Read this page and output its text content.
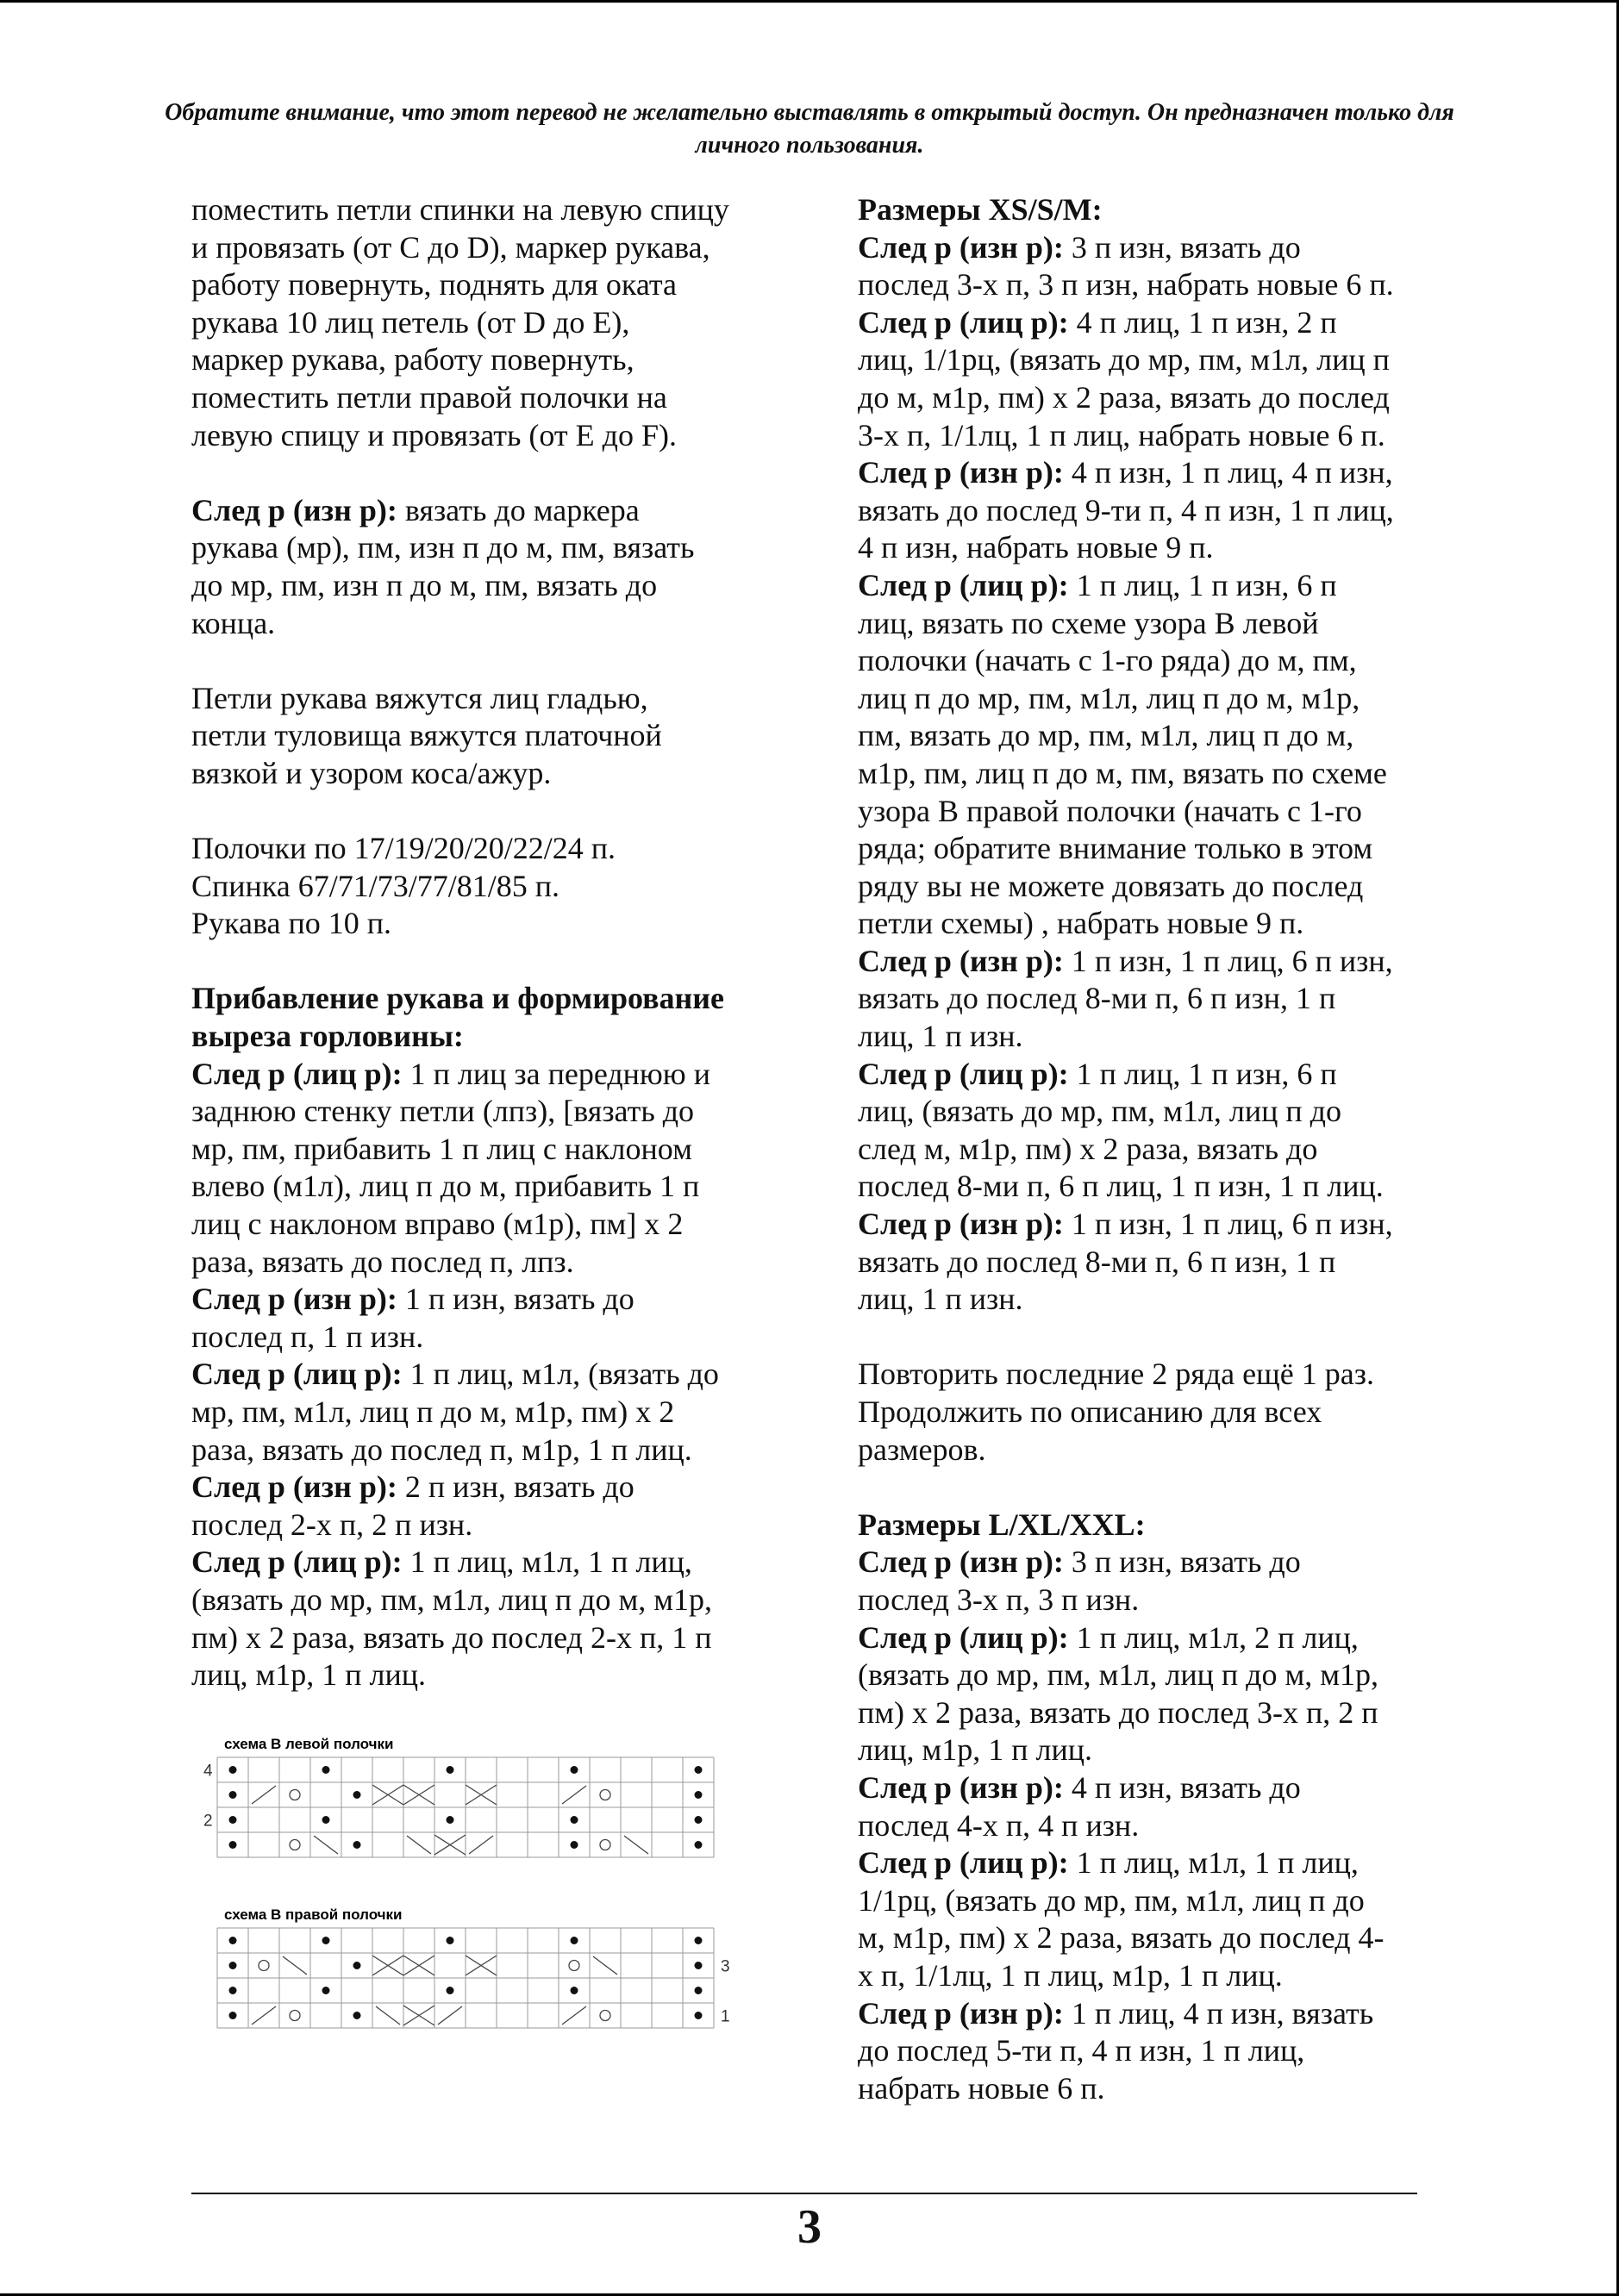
Обратите внимание, что этот перевод не желательно выставлять в открытый доступ. Он предназначен только для личного пользования.

поместить петли спинки на левую спицу
и провязать (от C до D), маркер рукава,
работу повернуть, поднять для оката
рукава 10 лиц петель (от D до E),
маркер рукава, работу повернуть,
поместить петли правой полочки на
левую спицу и провязать (от E до F).

След р (изн р): вязать до маркера
рукава (мр), пм, изн п до м, пм, вязать
до мр, пм, изн п до м, пм, вязать до
конца.

Петли рукава вяжутся лиц гладью,
петли туловища вяжутся платочной
вязкой и узором коса/ажур.

Полочки по 17/19/20/20/22/24 п.
Спинка 67/71/73/77/81/85 п.
Рукава по 10 п.

Прибавление рукава и формирование
выреза горловины:

След р (лиц р): 1 п лиц за переднюю и
заднюю стенку петли (лпз), [вязать до
мр, пм, прибавить 1 п лиц с наклоном
влево (м1л), лиц п до м, прибавить 1 п
лиц с наклоном вправо (м1р), пм] х 2
раза, вязать до послед п, лпз.

След р (изн р): 1 п изн, вязать до
послед п, 1 п изн.

След р (лиц р): 1 п лиц, м1л, (вязать до
мр, пм, м1л, лиц п до м, м1р, пм) х 2
раза, вязать до послед п, м1р, 1 п лиц.

След р (изн р): 2 п изн, вязать до
послед 2-х п, 2 п изн.

След р (лиц р): 1 п лиц, м1л, 1 п лиц,
(вязать до мр, пм, м1л, лиц п до м, м1р,
пм) х 2 раза, вязать до послед 2-х п, 1 п
лиц, м1р, 1 п лиц.

Размеры XS/S/M:

След р (изн р): 3 п изн, вязать до
послед 3-х п, 3 п изн, набрать новые 6 п.

След р (лиц р): 4 п лиц, 1 п изн, 2 п
лиц, 1/1рц, (вязать до мр, пм, м1л, лиц п
до м, м1р, пм) х 2 раза, вязать до послед
3-х п, 1/1лц, 1 п лиц, набрать новые 6 п.

След р (изн р): 4 п изн, 1 п лиц, 4 п изн,
вязать до послед 9-ти п, 4 п изн, 1 п лиц,
4 п изн, набрать новые 9 п.

След р (лиц р): 1 п лиц, 1 п изн, 6 п
лиц, вязать по схеме узора В левой
полочки (начать с 1-го ряда) до м, пм,
лиц п до мр, пм, м1л, лиц п до м, м1р,
пм, вязать до мр, пм, м1л, лиц п до м,
м1р, пм, лиц п до м, пм, вязать по схеме
узора В правой полочки (начать с 1-го
ряда; обратите внимание только в этом
ряду вы не можете довязать до послед
петли схемы) , набрать новые 9 п.

След р (изн р): 1 п изн, 1 п лиц, 6 п изн,
вязать до послед 8-ми п, 6 п изн, 1 п
лиц, 1 п изн.

След р (лиц р): 1 п лиц, 1 п изн, 6 п
лиц, (вязать до мр, пм, м1л, лиц п до
след м, м1р, пм) х 2 раза, вязать до
послед 8-ми п, 6 п лиц, 1 п изн, 1 п лиц.

След р (изн р): 1 п изн, 1 п лиц, 6 п изн,
вязать до послед 8-ми п, 6 п изн, 1 п
лиц, 1 п изн.

Повторить последние 2 ряда ещё 1 раз.
Продолжить по описанию для всех
размеров.

Размеры L/XL/XXL:

След р (изн р): 3 п изн, вязать до
послед 3-х п, 3 п изн.

След р (лиц р): 1 п лиц, м1л, 2 п лиц,
(вязать до мр, пм, м1л, лиц п до м, м1р,
пм) х 2 раза, вязать до послед 3-х п, 2 п
лиц, м1р, 1 п лиц.

След р (изн р): 4 п изн, вязать до
послед 4-х п, 4 п изн.

След р (лиц р): 1 п лиц, м1л, 1 п лиц,
1/1рц, (вязать до мр, пм, м1л, лиц п до
м, м1р, пм) х 2 раза, вязать до послед 4-
х п, 1/1лц, 1 п лиц, м1р, 1 п лиц.

След р (изн р): 1 п лиц, 4 п изн, вязать
до послед 5-ти п, 4 п изн, 1 п лиц,
набрать новые 6 п.

схема В левой полочки
4
2
схема В правой полочки
3
1
3
